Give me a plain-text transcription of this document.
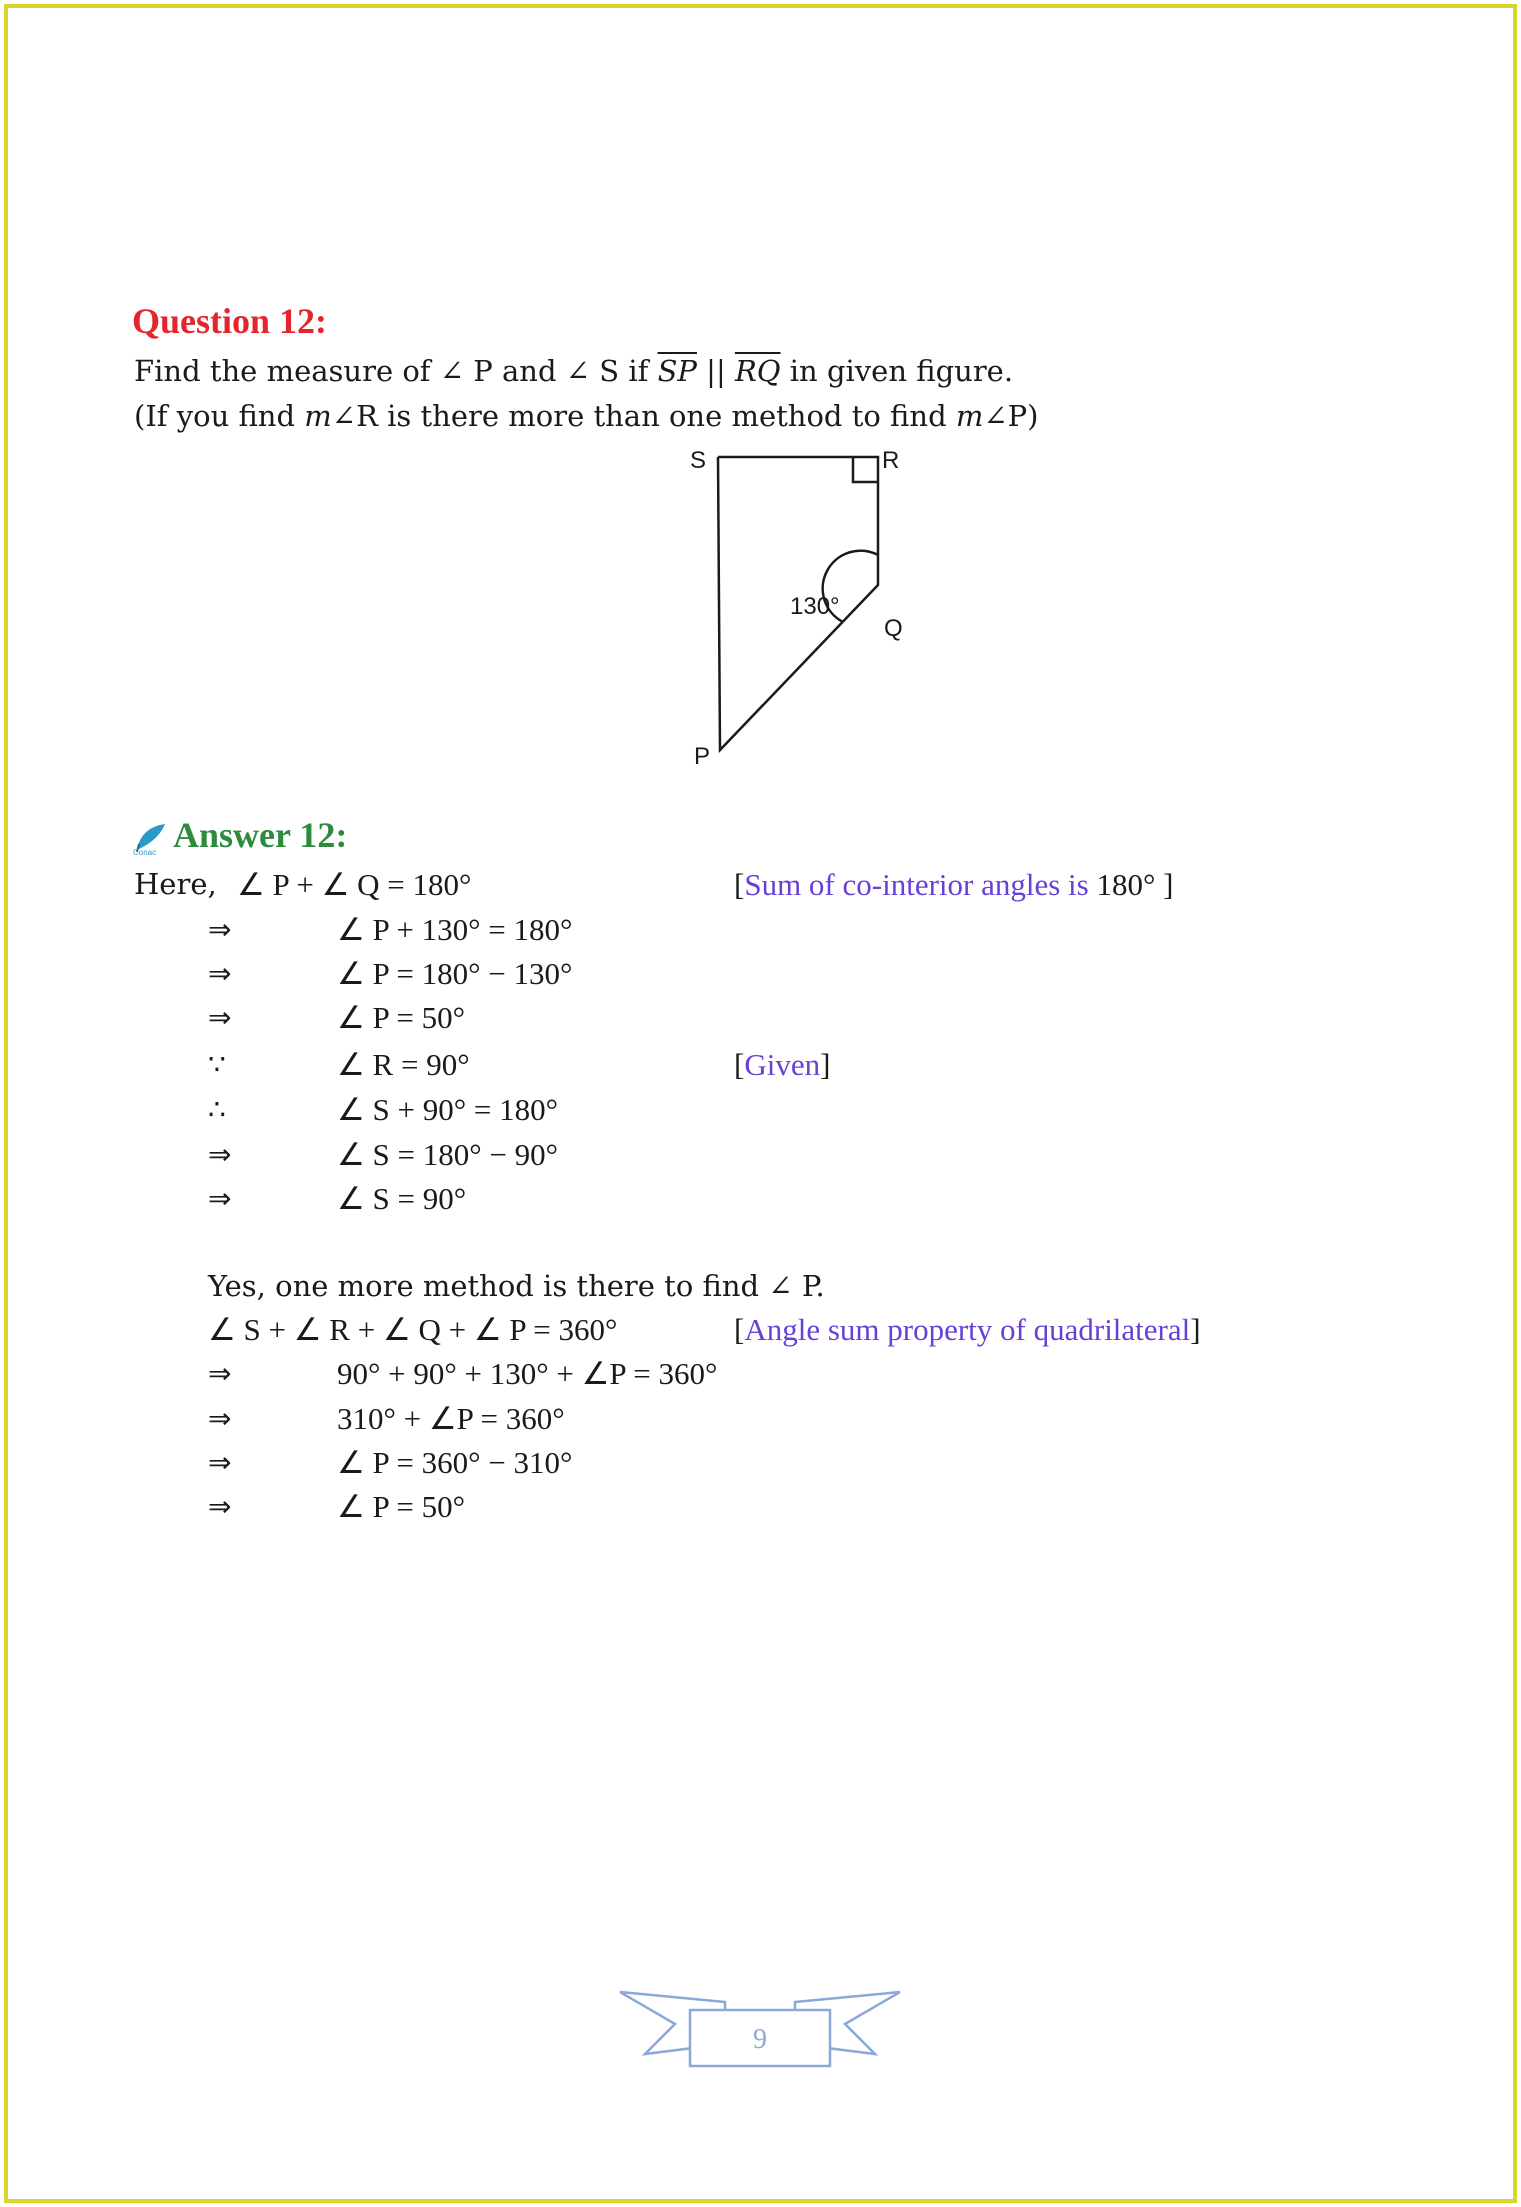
Question 12:
Find the measure of ∠ P and ∠ S if $\overline{SP}$ || $\overline{RQ}$ in given figure.
(If you find m∠R is there more than one method to find m∠P)
S	R
Q
P
130°
Conac Answer 12:
Here, ∠ P + ∠ Q = 180°	[Sum of co-interior angles is 180° ]
⇒	∠ P + 130° = 180°
⇒	∠ P = 180° − 130°
⇒	∠ P = 50°
∵	∠ R = 90°	[Given]
∴	∠ S + 90° = 180°
⇒	∠ S = 180° − 90°
⇒	∠ S = 90°
Yes, one more method is there to find ∠ P.
∠ S + ∠ R + ∠ Q + ∠ P = 360°	[Angle sum property of quadrilateral]
⇒	90° + 90° + 130° + ∠P = 360°
⇒	310° + ∠P = 360°
⇒	∠ P = 360° − 310°
⇒	∠ P = 50°
9
